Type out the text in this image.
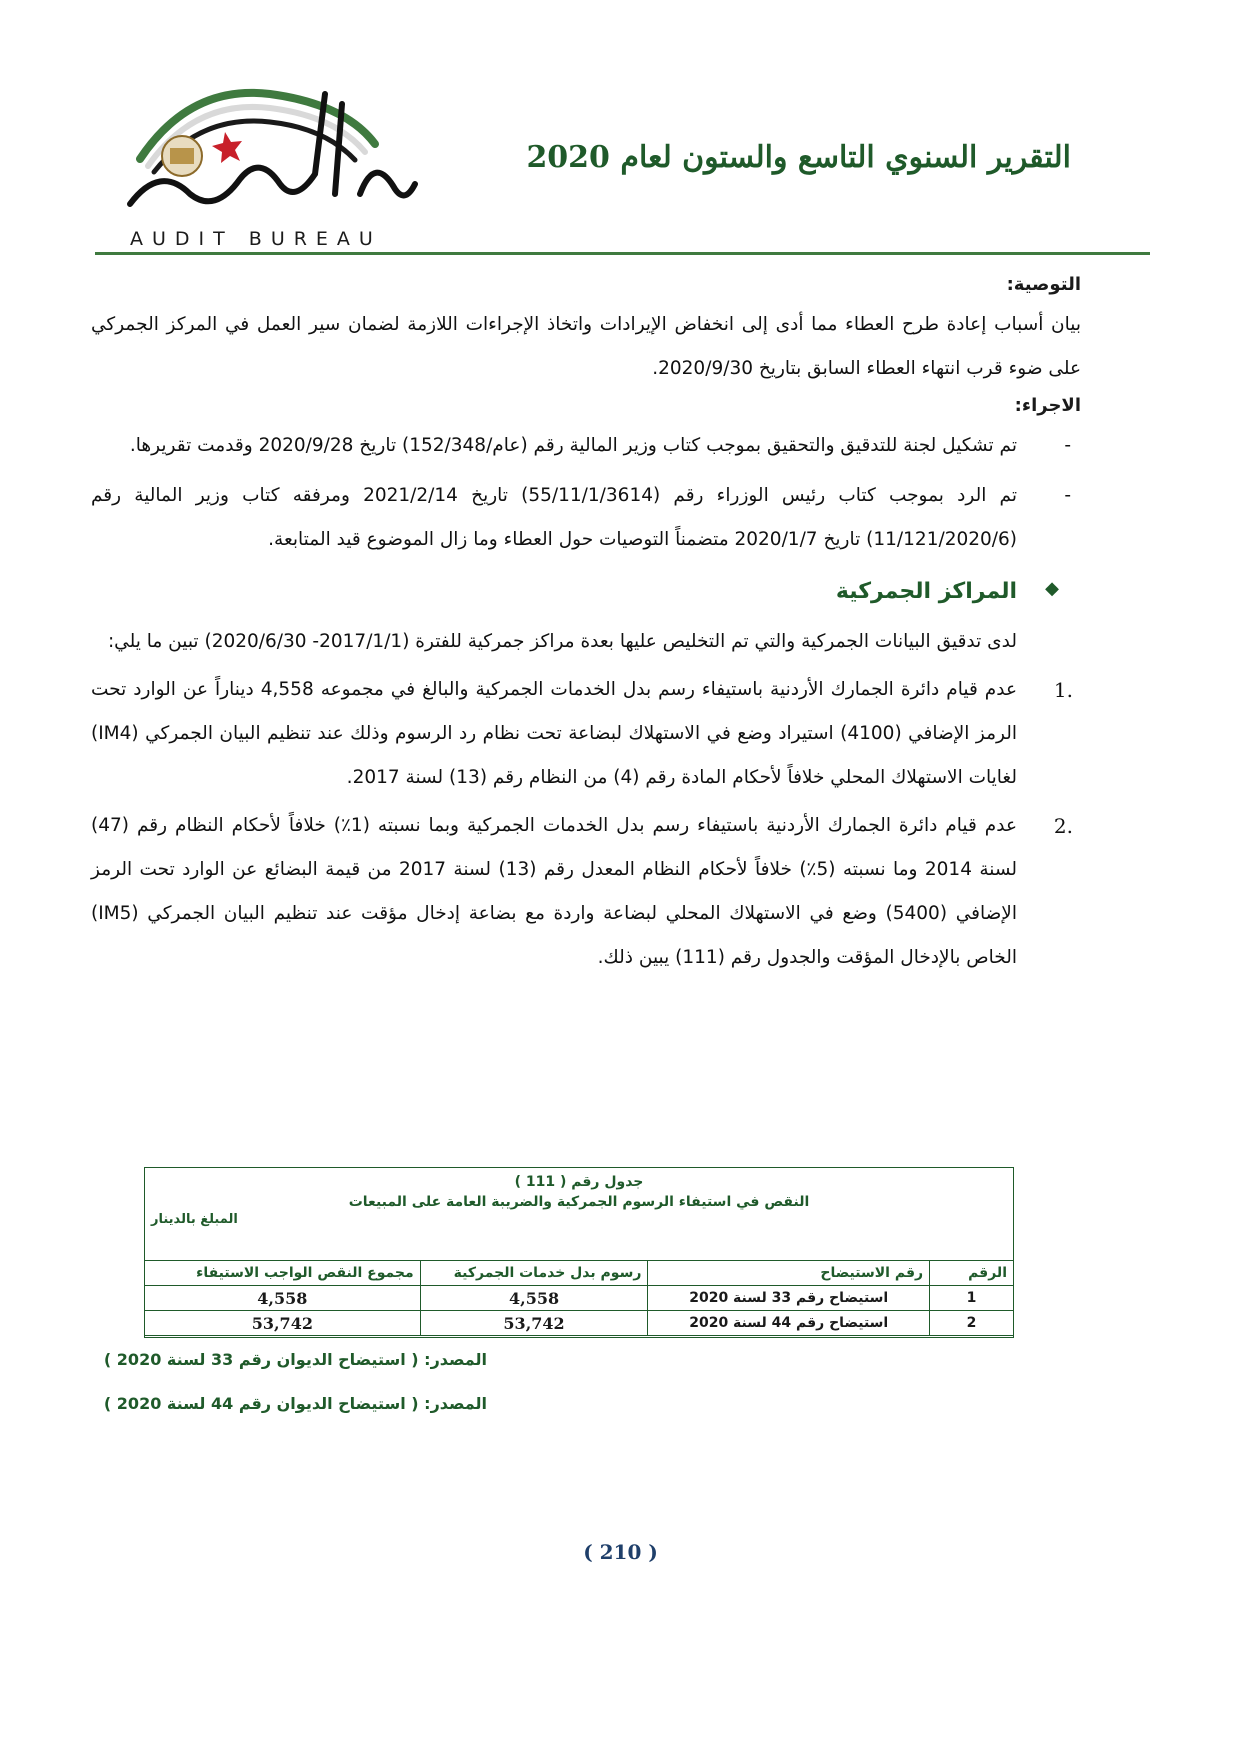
AUDIT BUREAU
التقرير السنوي التاسع والستون لعام 2020
التوصية:

بيان أسباب إعادة طرح العطاء مما أدى إلى انخفاض الإيرادات واتخاذ الإجراءات اللازمة لضمان سير العمل في المركز الجمركي على ضوء قرب انتهاء العطاء السابق بتاريخ 2020/9/30.

الاجراء:
-
تم تشكيل لجنة للتدقيق والتحقيق بموجب كتاب وزير المالية رقم (عام/152/348) تاريخ 2020/9/28 وقدمت تقريرها.
-
تم الرد بموجب كتاب رئيس الوزراء رقم (55/11/1/3614) تاريخ 2021/2/14 ومرفقه كتاب وزير المالية رقم (11/121/2020/6) تاريخ 2020/1/7 متضمناً التوصيات حول العطاء وما زال الموضوع قيد المتابعة.
◆
المراكز الجمركية

لدى تدقيق البيانات الجمركية والتي تم التخليص عليها بعدة مراكز جمركية للفترة (2017/1/1- 2020/6/30) تبين ما يلي:

1.
عدم قيام دائرة الجمارك الأردنية باستيفاء رسم بدل الخدمات الجمركية والبالغ في مجموعه 4,558 ديناراً عن الوارد تحت الرمز الإضافي (4100) استيراد وضع في الاستهلاك لبضاعة تحت نظام رد الرسوم وذلك عند تنظيم البيان الجمركي (IM4) لغايات الاستهلاك المحلي خلافاً لأحكام المادة رقم (4) من النظام رقم (13) لسنة 2017.
2.
عدم قيام دائرة الجمارك الأردنية باستيفاء رسم بدل الخدمات الجمركية وبما نسبته (1٪) خلافاً لأحكام النظام رقم (47) لسنة 2014 وما نسبته (5٪) خلافاً لأحكام النظام المعدل رقم (13) لسنة 2017 من قيمة البضائع عن الوارد تحت الرمز الإضافي (5400) وضع في الاستهلاك المحلي لبضاعة واردة مع بضاعة إدخال مؤقت عند تنظيم البيان الجمركي (IM5) الخاص بالإدخال المؤقت والجدول رقم (111) يبين ذلك.
جدول رقم ( 111 )
النقص في استيفاء الرسوم الجمركية والضريبة العامة على المبيعات
المبلغ بالدينار
الرقم	رقم الاستيضاح	رسوم بدل خدمات الجمركية	مجموع النقص الواجب الاستيفاء
1	استيضاح رقم 33 لسنة 2020	4,558	4,558
2	استيضاح رقم 44 لسنة 2020	53,742	53,742
المصدر: ( استيضاح الديوان رقم 33 لسنة 2020 )
المصدر: ( استيضاح الديوان رقم 44 لسنة 2020 )
( 210 )
